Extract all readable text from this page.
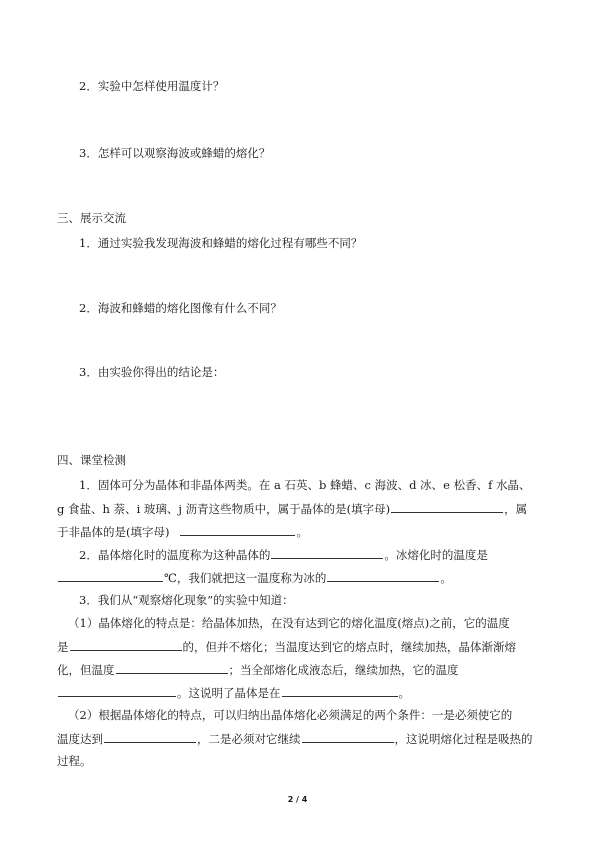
2．实验中怎样使用温度计？

3．怎样可以观察海波或蜂蜡的熔化？

三、展示交流

1．通过实验我发现海波和蜂蜡的熔化过程有哪些不同？

2．海波和蜂蜡的熔化图像有什么不同？

3．由实验你得出的结论是：

四、课堂检测

1．固体可分为晶体和非晶体两类。在 a 石英、b 蜂蜡、c 海波、d 冰、e 松香、f 水晶、

g 食盐、h 萘、i 玻璃、j 沥青这些物质中，属于晶体的是(填字母)	，属

于非晶体的是(填字母)	。

2．晶体熔化时的温度称为这种晶体的	。冰熔化时的温度是

℃，我们就把这一温度称为冰的	。

3．我们从“观察熔化现象”的实验中知道：

（1）晶体熔化的特点是：给晶体加热，在没有达到它的熔化温度(熔点)之前，它的温度

是	的，但并不熔化；当温度达到它的熔点时，继续加热，晶体渐渐熔

化，但温度	；当全部熔化成液态后，继续加热，它的温度

。这说明了晶体是在	。

（2）根据晶体熔化的特点，可以归纳出晶体熔化必须满足的两个条件：一是必须使它的

温度达到	，二是必须对它继续	，这说明熔化过程是吸热的

过程。

2 / 4
